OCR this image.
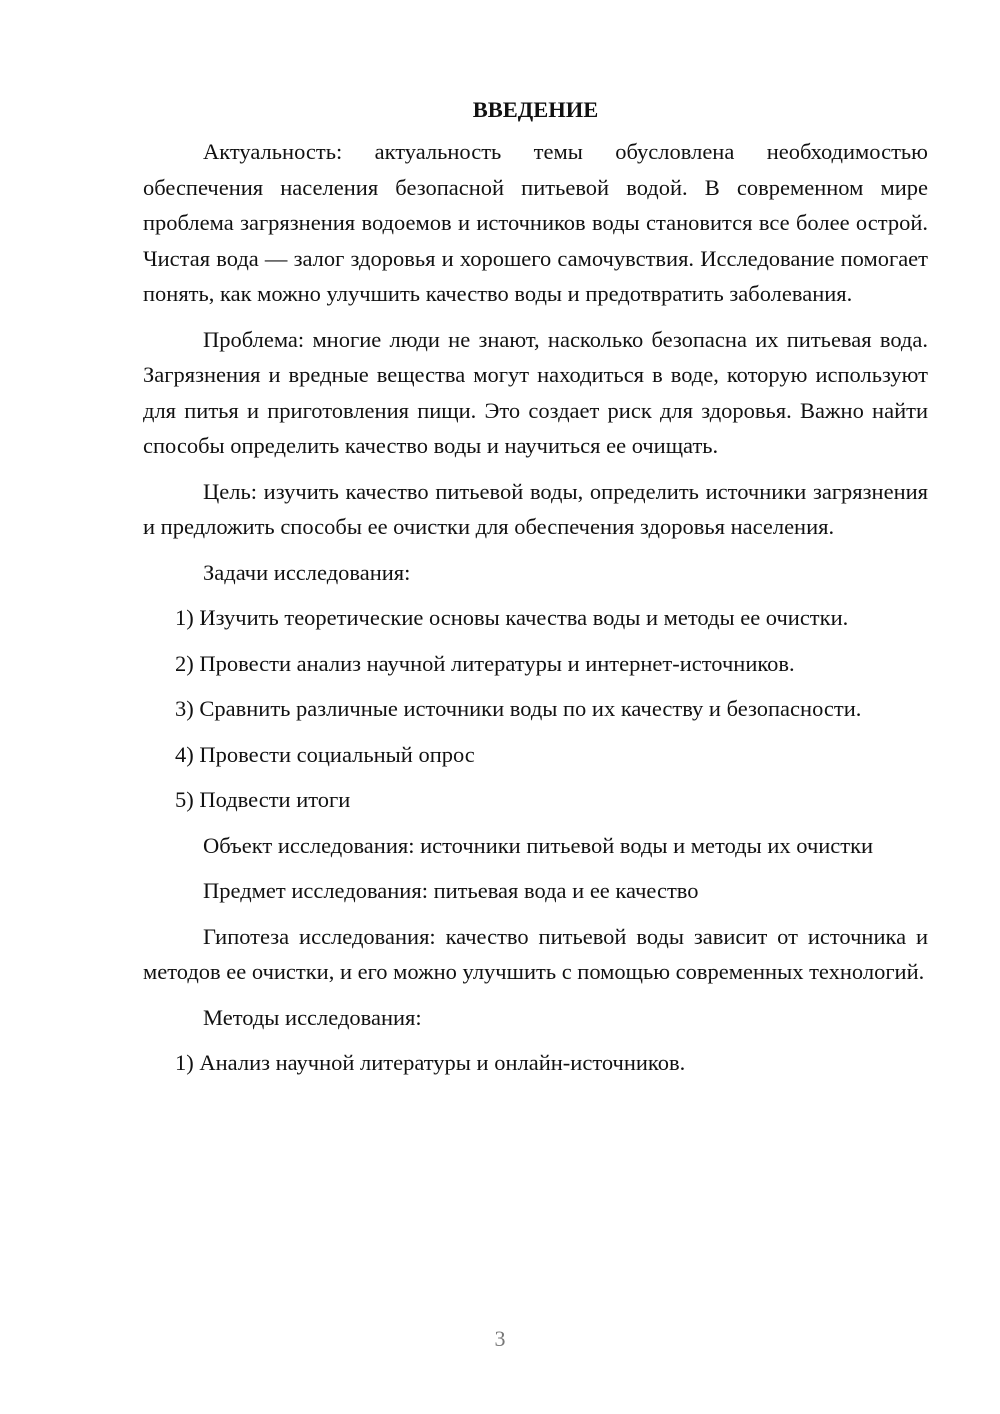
ВВЕДЕНИЕ

Актуальность: актуальность темы обусловлена необходимостью обеспечения населения безопасной питьевой водой. В современном мире проблема загрязнения водоемов и источников воды становится все более острой. Чистая вода — залог здоровья и хорошего самочувствия. Исследование помогает понять, как можно улучшить качество воды и предотвратить заболевания.

Проблема: многие люди не знают, насколько безопасна их питьевая вода. Загрязнения и вредные вещества могут находиться в воде, которую используют для питья и приготовления пищи. Это создает риск для здоровья. Важно найти способы определить качество воды и научиться ее очищать.

Цель: изучить качество питьевой воды, определить источники загрязнения и предложить способы ее очистки для обеспечения здоровья населения.

Задачи исследования:

1) Изучить теоретические основы качества воды и методы ее очистки.

2) Провести анализ научной литературы и интернет-источников.

3) Сравнить различные источники воды по их качеству и безопасности.

4) Провести социальный опрос

5) Подвести итоги

Объект исследования: источники питьевой воды и методы их очистки

Предмет исследования: питьевая вода и ее качество

Гипотеза исследования: качество питьевой воды зависит от источника и методов ее очистки, и его можно улучшить с помощью современных технологий.

Методы исследования:

1) Анализ научной литературы и онлайн-источников.

3
